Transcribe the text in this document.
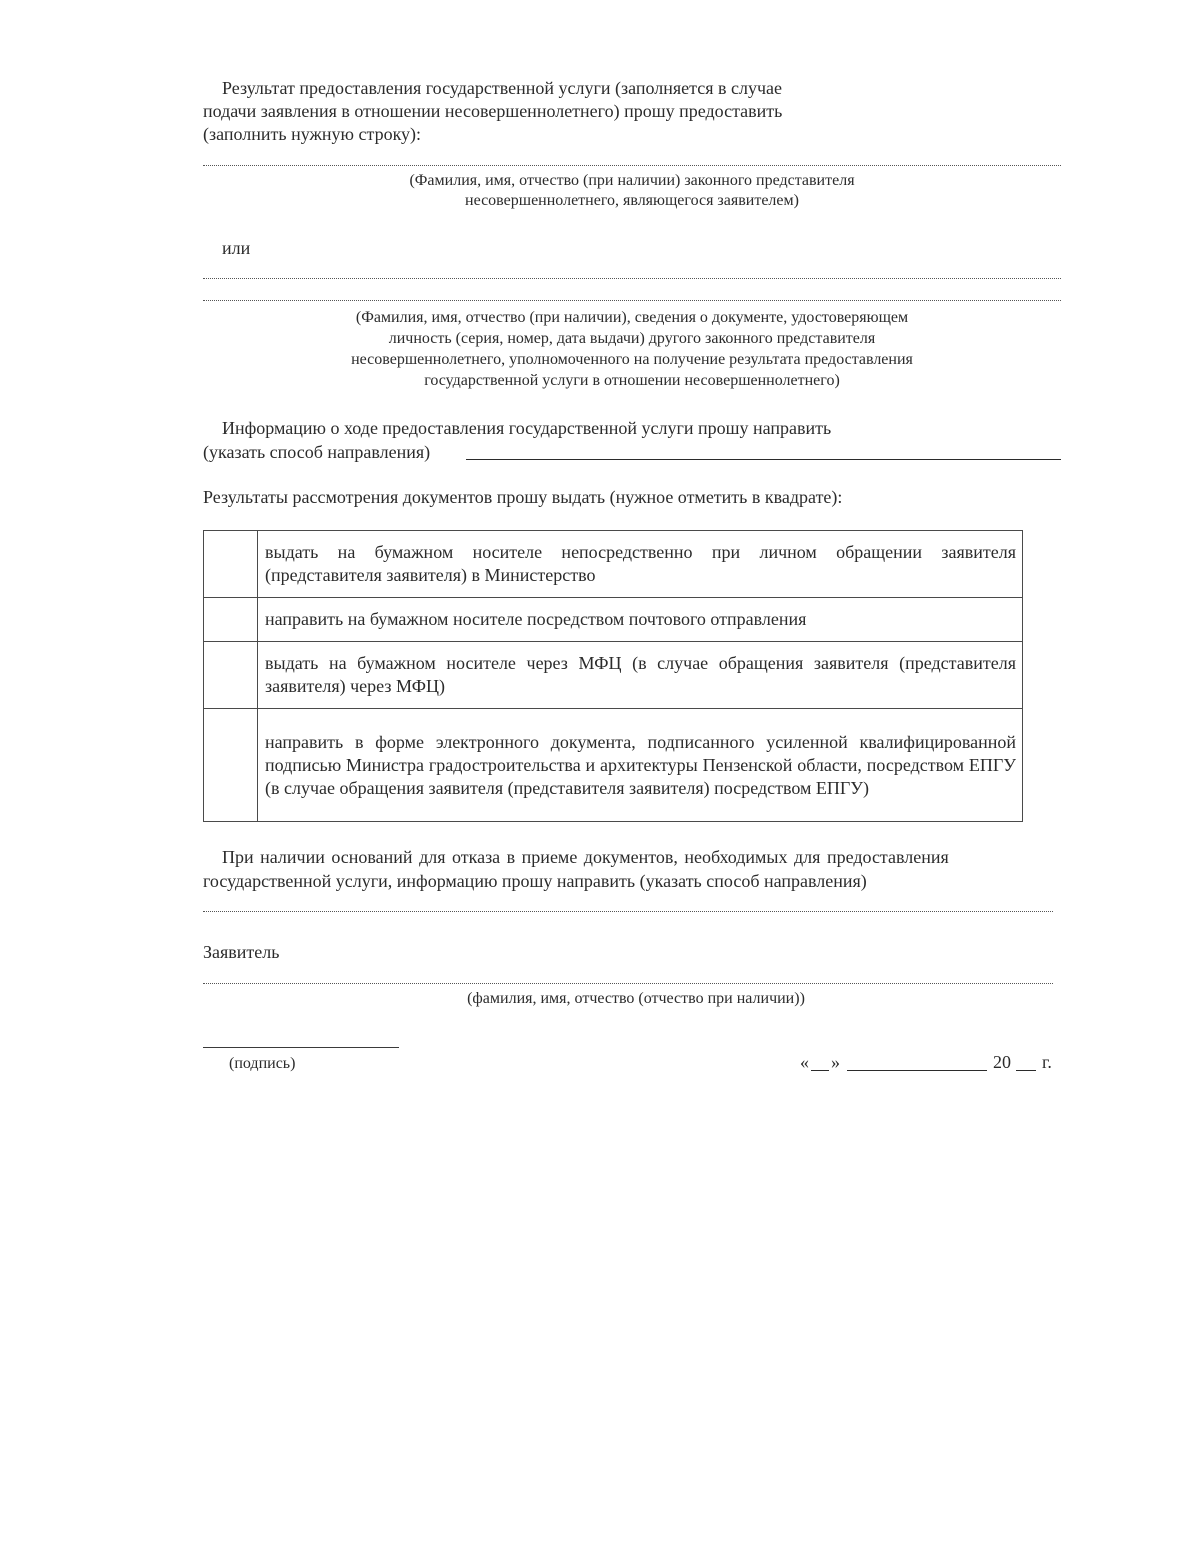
Результат предоставления государственной услуги (заполняется в случае
подачи заявления в отношении несовершеннолетнего) прошу предоставить
(заполнить нужную строку):
(Фамилия, имя, отчество (при наличии) законного представителя
несовершеннолетнего, являющегося заявителем)
или
(Фамилия, имя, отчество (при наличии), сведения о документе, удостоверяющем
личность (серия, номер, дата выдачи) другого законного представителя
несовершеннолетнего, уполномоченного на получение результата предоставления
государственной услуги в отношении несовершеннолетнего)
Информацию о ходе предоставления государственной услуги прошу направить
(указать способ направления)
Результаты рассмотрения документов прошу выдать (нужное отметить в квадрате):
	выдать на бумажном носителе непосредственно при личном обращении заявителя (представителя заявителя) в Министерство
	направить на бумажном носителе посредством почтового отправления
	выдать на бумажном носителе через МФЦ (в случае обращения заявителя (представителя заявителя) через МФЦ)
	направить в форме электронного документа, подписанного усиленной квалифицированной подписью Министра градостроительства и архитектуры Пензенской области, посредством ЕПГУ (в случае обращения заявителя (представителя заявителя) посредством ЕПГУ)
При наличии оснований для отказа в приеме документов, необходимых для предоставления
государственной услуги, информацию прошу направить (указать способ направления)
Заявитель
(фамилия, имя, отчество (отчество при наличии))
(подпись)	« »	20 г.
